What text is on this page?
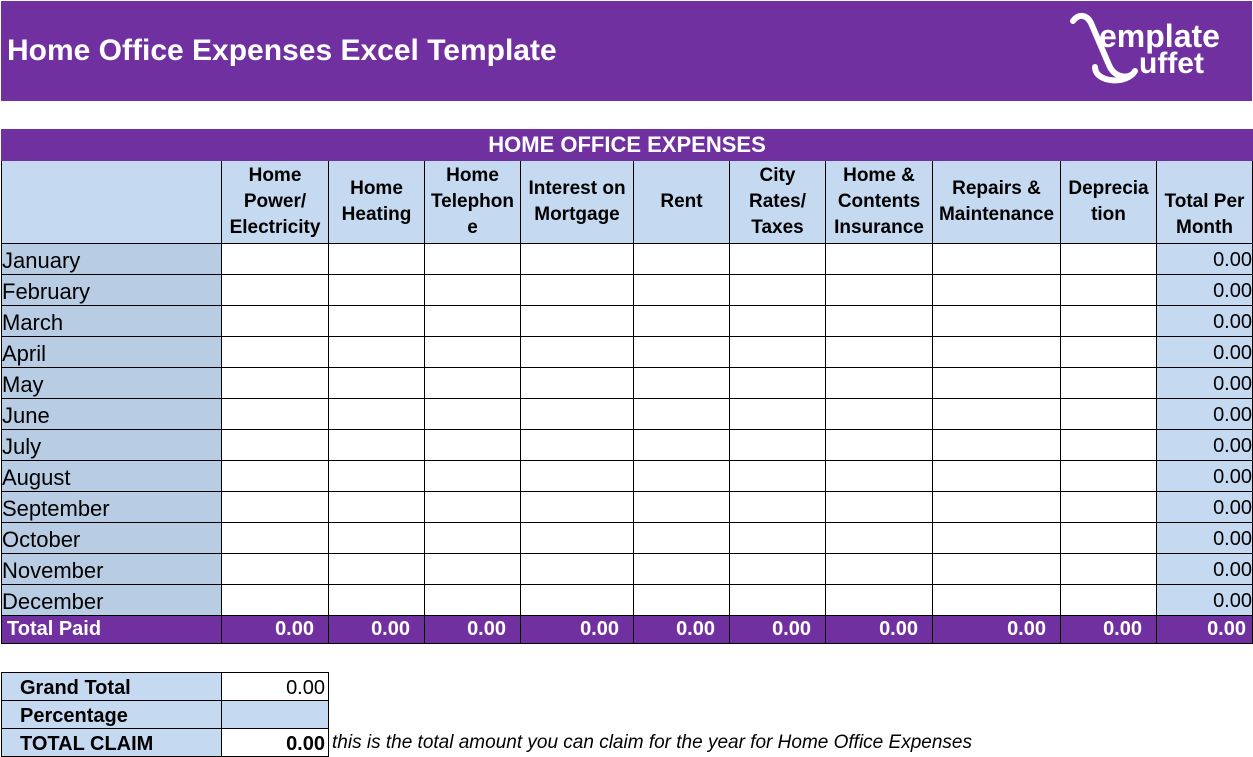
Home Office Expenses Excel Template	emplate
uffet
HOME OFFICE EXPENSES										

	Home
Power/
Electricity	Home
Heating	Home
Telephon
e	Interest on
Mortgage	Rent	City
Rates/
Taxes	Home &
Contents
Insurance	Repairs &
Maintenance	Deprecia
tion	Total Per
Month

January										0.00
February										0.00
March										0.00
April										0.00
May										0.00
June										0.00
July										0.00
August										0.00
September										0.00
October										0.00
November										0.00
December										0.00
Total Paid	0.00	0.00	0.00	0.00	0.00	0.00	0.00	0.00	0.00	0.00
Grand Total	0.00
Percentage	
TOTAL CLAIM	0.00 this is the total amount you can claim for the year for Home Office Expenses
